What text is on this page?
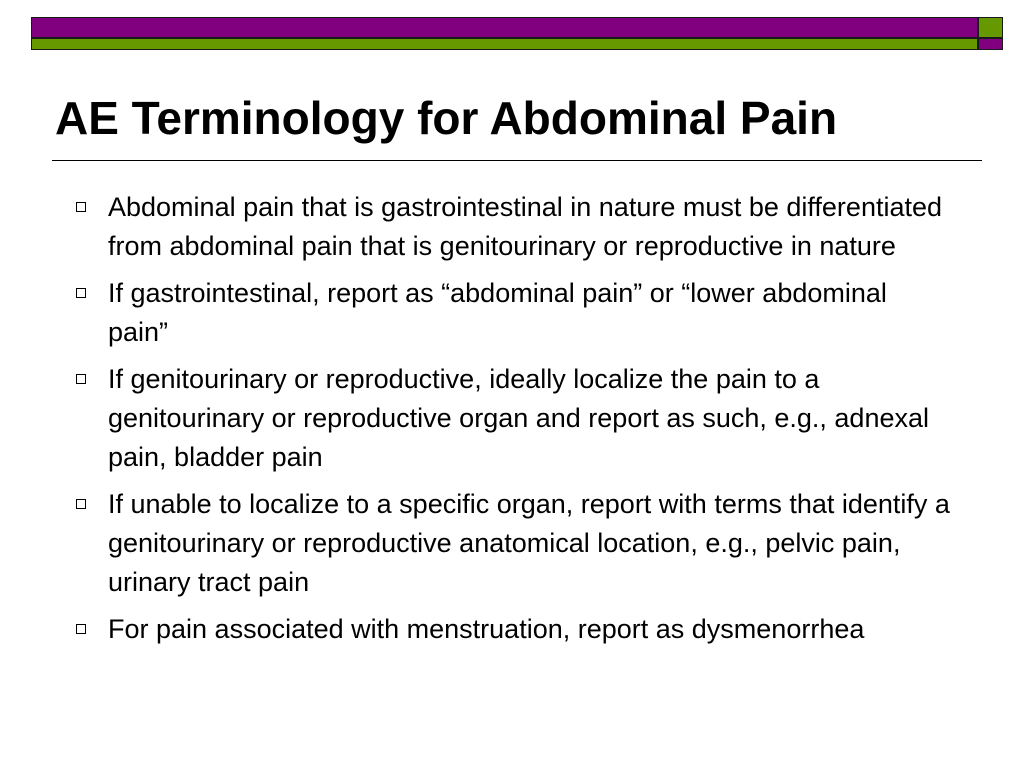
AE Terminology for Abdominal Pain
Abdominal pain that is gastrointestinal in nature must be differentiated from abdominal pain that is genitourinary or reproductive in nature
If gastrointestinal, report as “abdominal pain” or “lower abdominal pain”
If genitourinary or reproductive, ideally localize the pain to a genitourinary or reproductive organ and report as such, e.g., adnexal pain, bladder pain
If unable to localize to a specific organ, report with terms that identify a genitourinary or reproductive anatomical location, e.g., pelvic pain, urinary tract pain
For pain associated with menstruation, report as dysmenorrhea
